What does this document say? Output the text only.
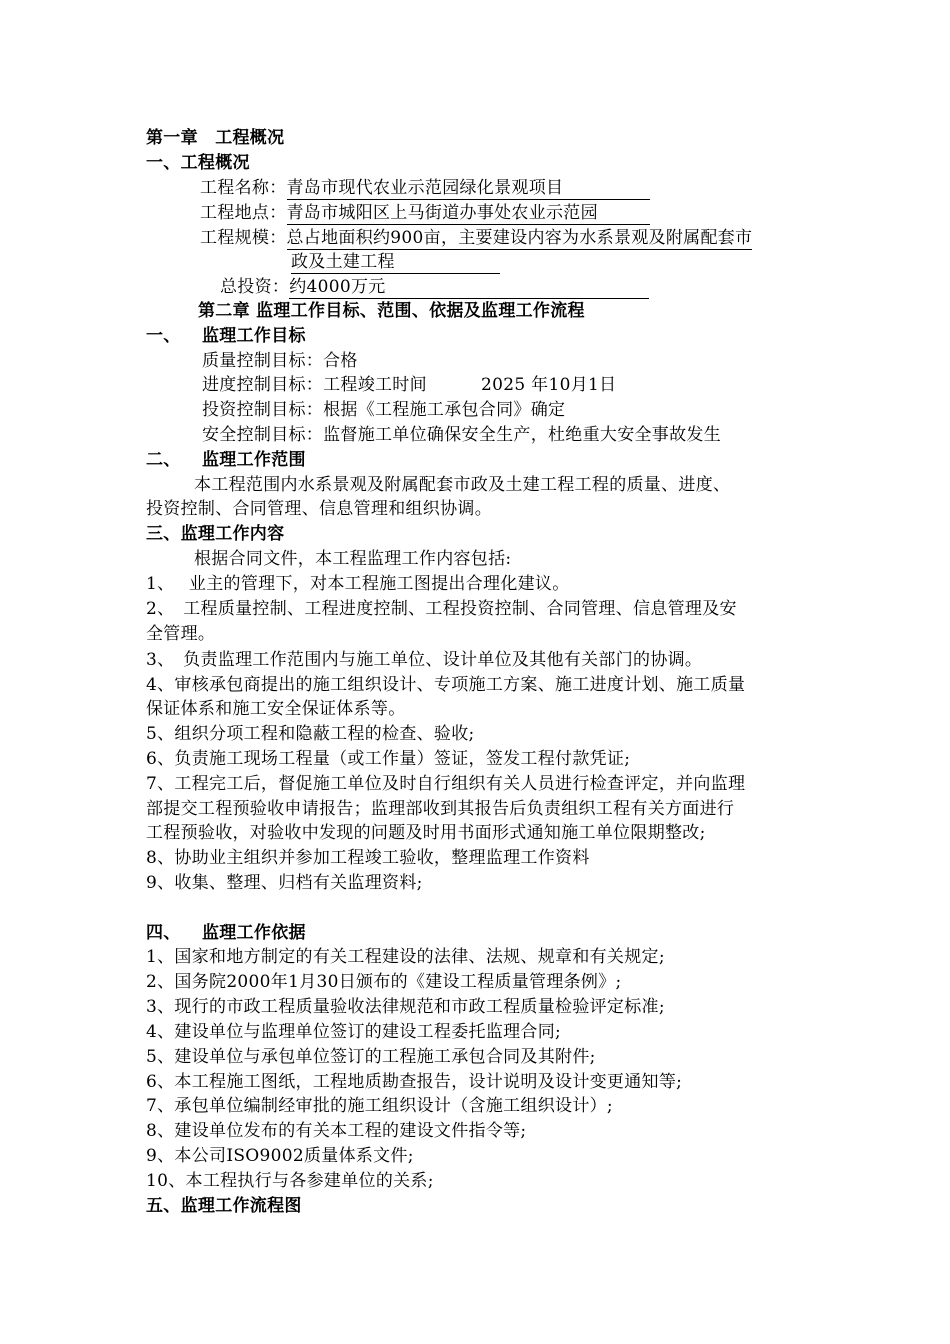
第一章　工程概况
一、工程概况
工程名称：青岛市现代农业示范园绿化景观项目
工程地点：青岛市城阳区上马街道办事处农业示范园
工程规模：总占地面积约900亩，主要建设内容为水系景观及附属配套市
政及土建工程
总投资：约4000万元
第二章 监理工作目标、范围、依据及监理工作流程
一、 监理工作目标
质量控制目标：合格
进度控制目标：工程竣工时间	2025 年10月1日
投资控制目标：根据《工程施工承包合同》确定
安全控制目标：监督施工单位确保安全生产，杜绝重大安全事故发生
二、 监理工作范围
本工程范围内水系景观及附属配套市政及土建工程工程的质量、进度、
投资控制、合同管理、信息管理和组织协调。
三、监理工作内容
根据合同文件，本工程监理工作内容包括:
1、　 业主的管理下，对本工程施工图提出合理化建议。
2、　工程质量控制、工程进度控制、工程投资控制、合同管理、信息管理及安
全管理。
3、　负责监理工作范围内与施工单位、设计单位及其他有关部门的协调。
4、审核承包商提出的施工组织设计、专项施工方案、施工进度计划、施工质量
保证体系和施工安全保证体系等。
5、组织分项工程和隐蔽工程的检查、验收;
6、负责施工现场工程量（或工作量）签证，签发工程付款凭证;
7、工程完工后，督促施工单位及时自行组织有关人员进行检查评定，并向监理
部提交工程预验收申请报告；监理部收到其报告后负责组织工程有关方面进行
工程预验收，对验收中发现的问题及时用书面形式通知施工单位限期整改;
8、协助业主组织并参加工程竣工验收，整理监理工作资料
9、收集、整理、归档有关监理资料;
四、 监理工作依据
1、国家和地方制定的有关工程建设的法律、法规、规章和有关规定;
2、国务院2000年1月30日颁布的《建设工程质量管理条例》;
3、现行的市政工程质量验收法律规范和市政工程质量检验评定标准;
4、建设单位与监理单位签订的建设工程委托监理合同;
5、建设单位与承包单位签订的工程施工承包合同及其附件;
6、本工程施工图纸，工程地质勘查报告，设计说明及设计变更通知等;
7、承包单位编制经审批的施工组织设计（含施工组织设计）;
8、建设单位发布的有关本工程的建设文件指令等;
9、本公司ISO9002质量体系文件;
10、本工程执行与各参建单位的关系;
五、监理工作流程图
